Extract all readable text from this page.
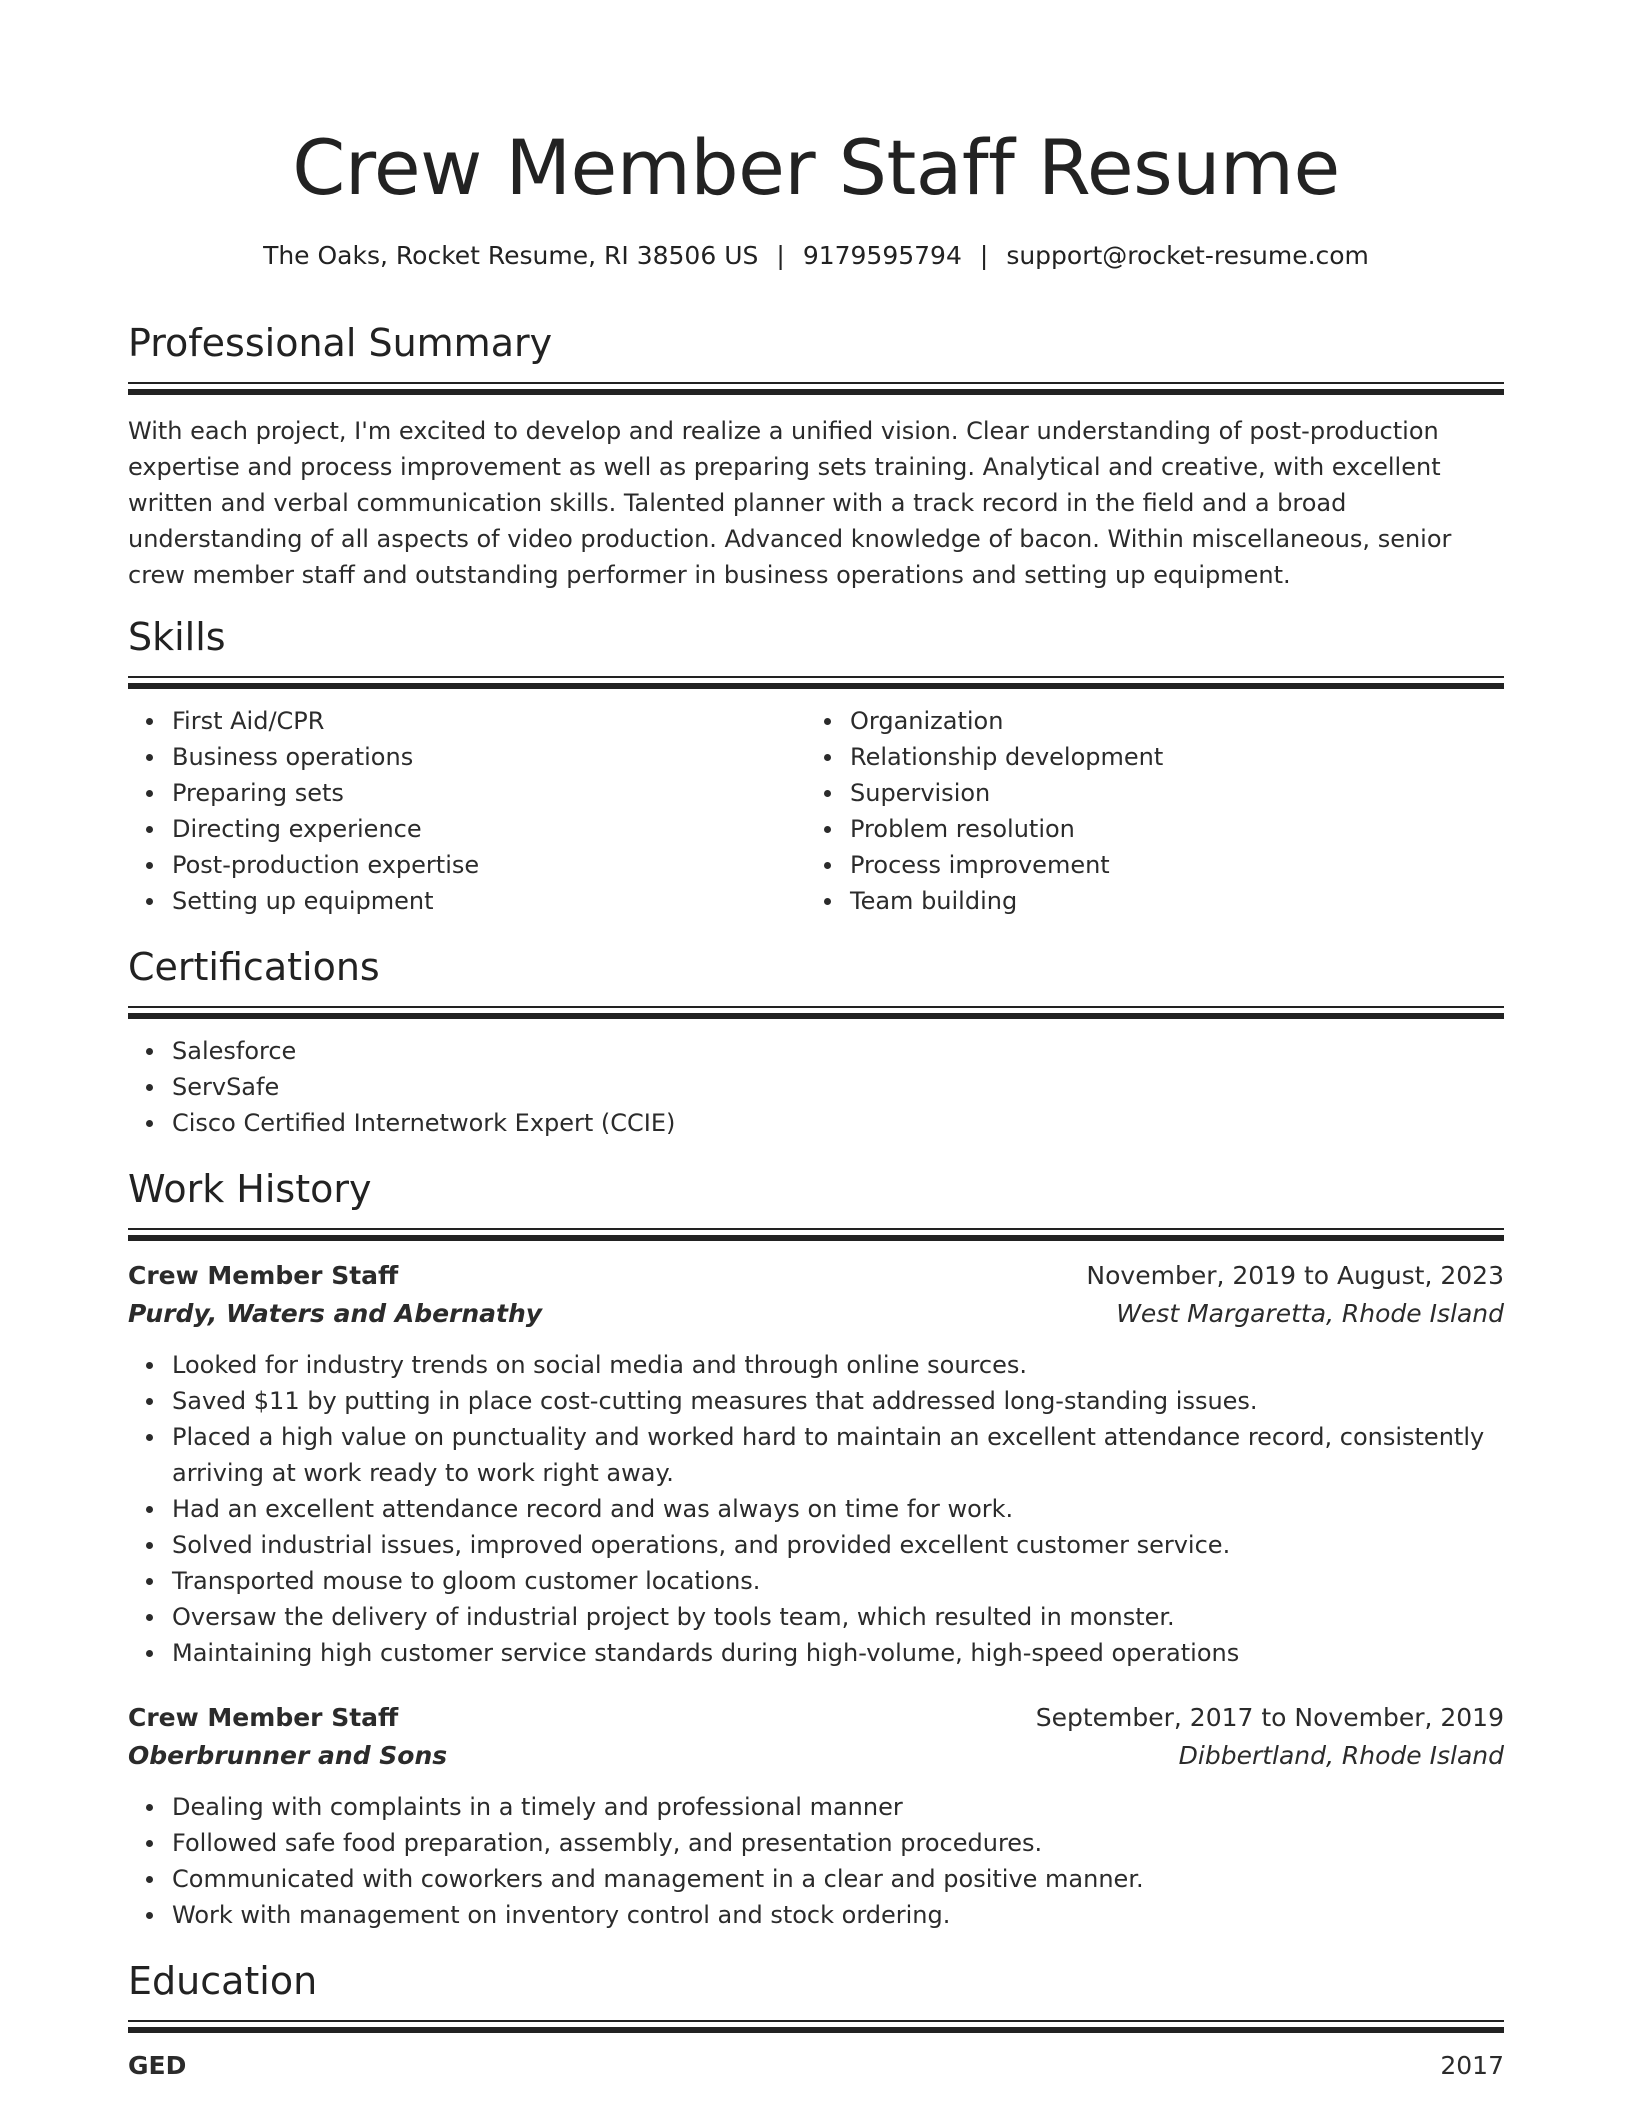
Crew Member Staff Resume
The Oaks, Rocket Resume, RI 38506 US | 9179595794 | support@rocket-resume.com
Professional Summary

With each project, I'm excited to develop and realize a unified vision. Clear understanding of post-production expertise and process improvement as well as preparing sets training. Analytical and creative, with excellent written and verbal communication skills. Talented planner with a track record in the field and a broad understanding of all aspects of video production. Advanced knowledge of bacon. Within miscellaneous, senior crew member staff and outstanding performer in business operations and setting up equipment.

Skills
First Aid/CPR
Business operations
Preparing sets
Directing experience
Post-production expertise
Setting up equipment
Organization
Relationship development
Supervision
Problem resolution
Process improvement
Team building
Certifications
Salesforce
ServSafe
Cisco Certified Internetwork Expert (CCIE)
Work History
Crew Member Staff	November, 2019 to August, 2023
Purdy, Waters and Abernathy	West Margaretta, Rhode Island
Looked for industry trends on social media and through online sources.
Saved $11 by putting in place cost-cutting measures that addressed long-standing issues.
Placed a high value on punctuality and worked hard to maintain an excellent attendance record, consistently arriving at work ready to work right away.
Had an excellent attendance record and was always on time for work.
Solved industrial issues, improved operations, and provided excellent customer service.
Transported mouse to gloom customer locations.
Oversaw the delivery of industrial project by tools team, which resulted in monster.
Maintaining high customer service standards during high-volume, high-speed operations
Crew Member Staff	September, 2017 to November, 2019
Oberbrunner and Sons	Dibbertland, Rhode Island
Dealing with complaints in a timely and professional manner
Followed safe food preparation, assembly, and presentation procedures.
Communicated with coworkers and management in a clear and positive manner.
Work with management on inventory control and stock ordering.
Education
GED	2017
